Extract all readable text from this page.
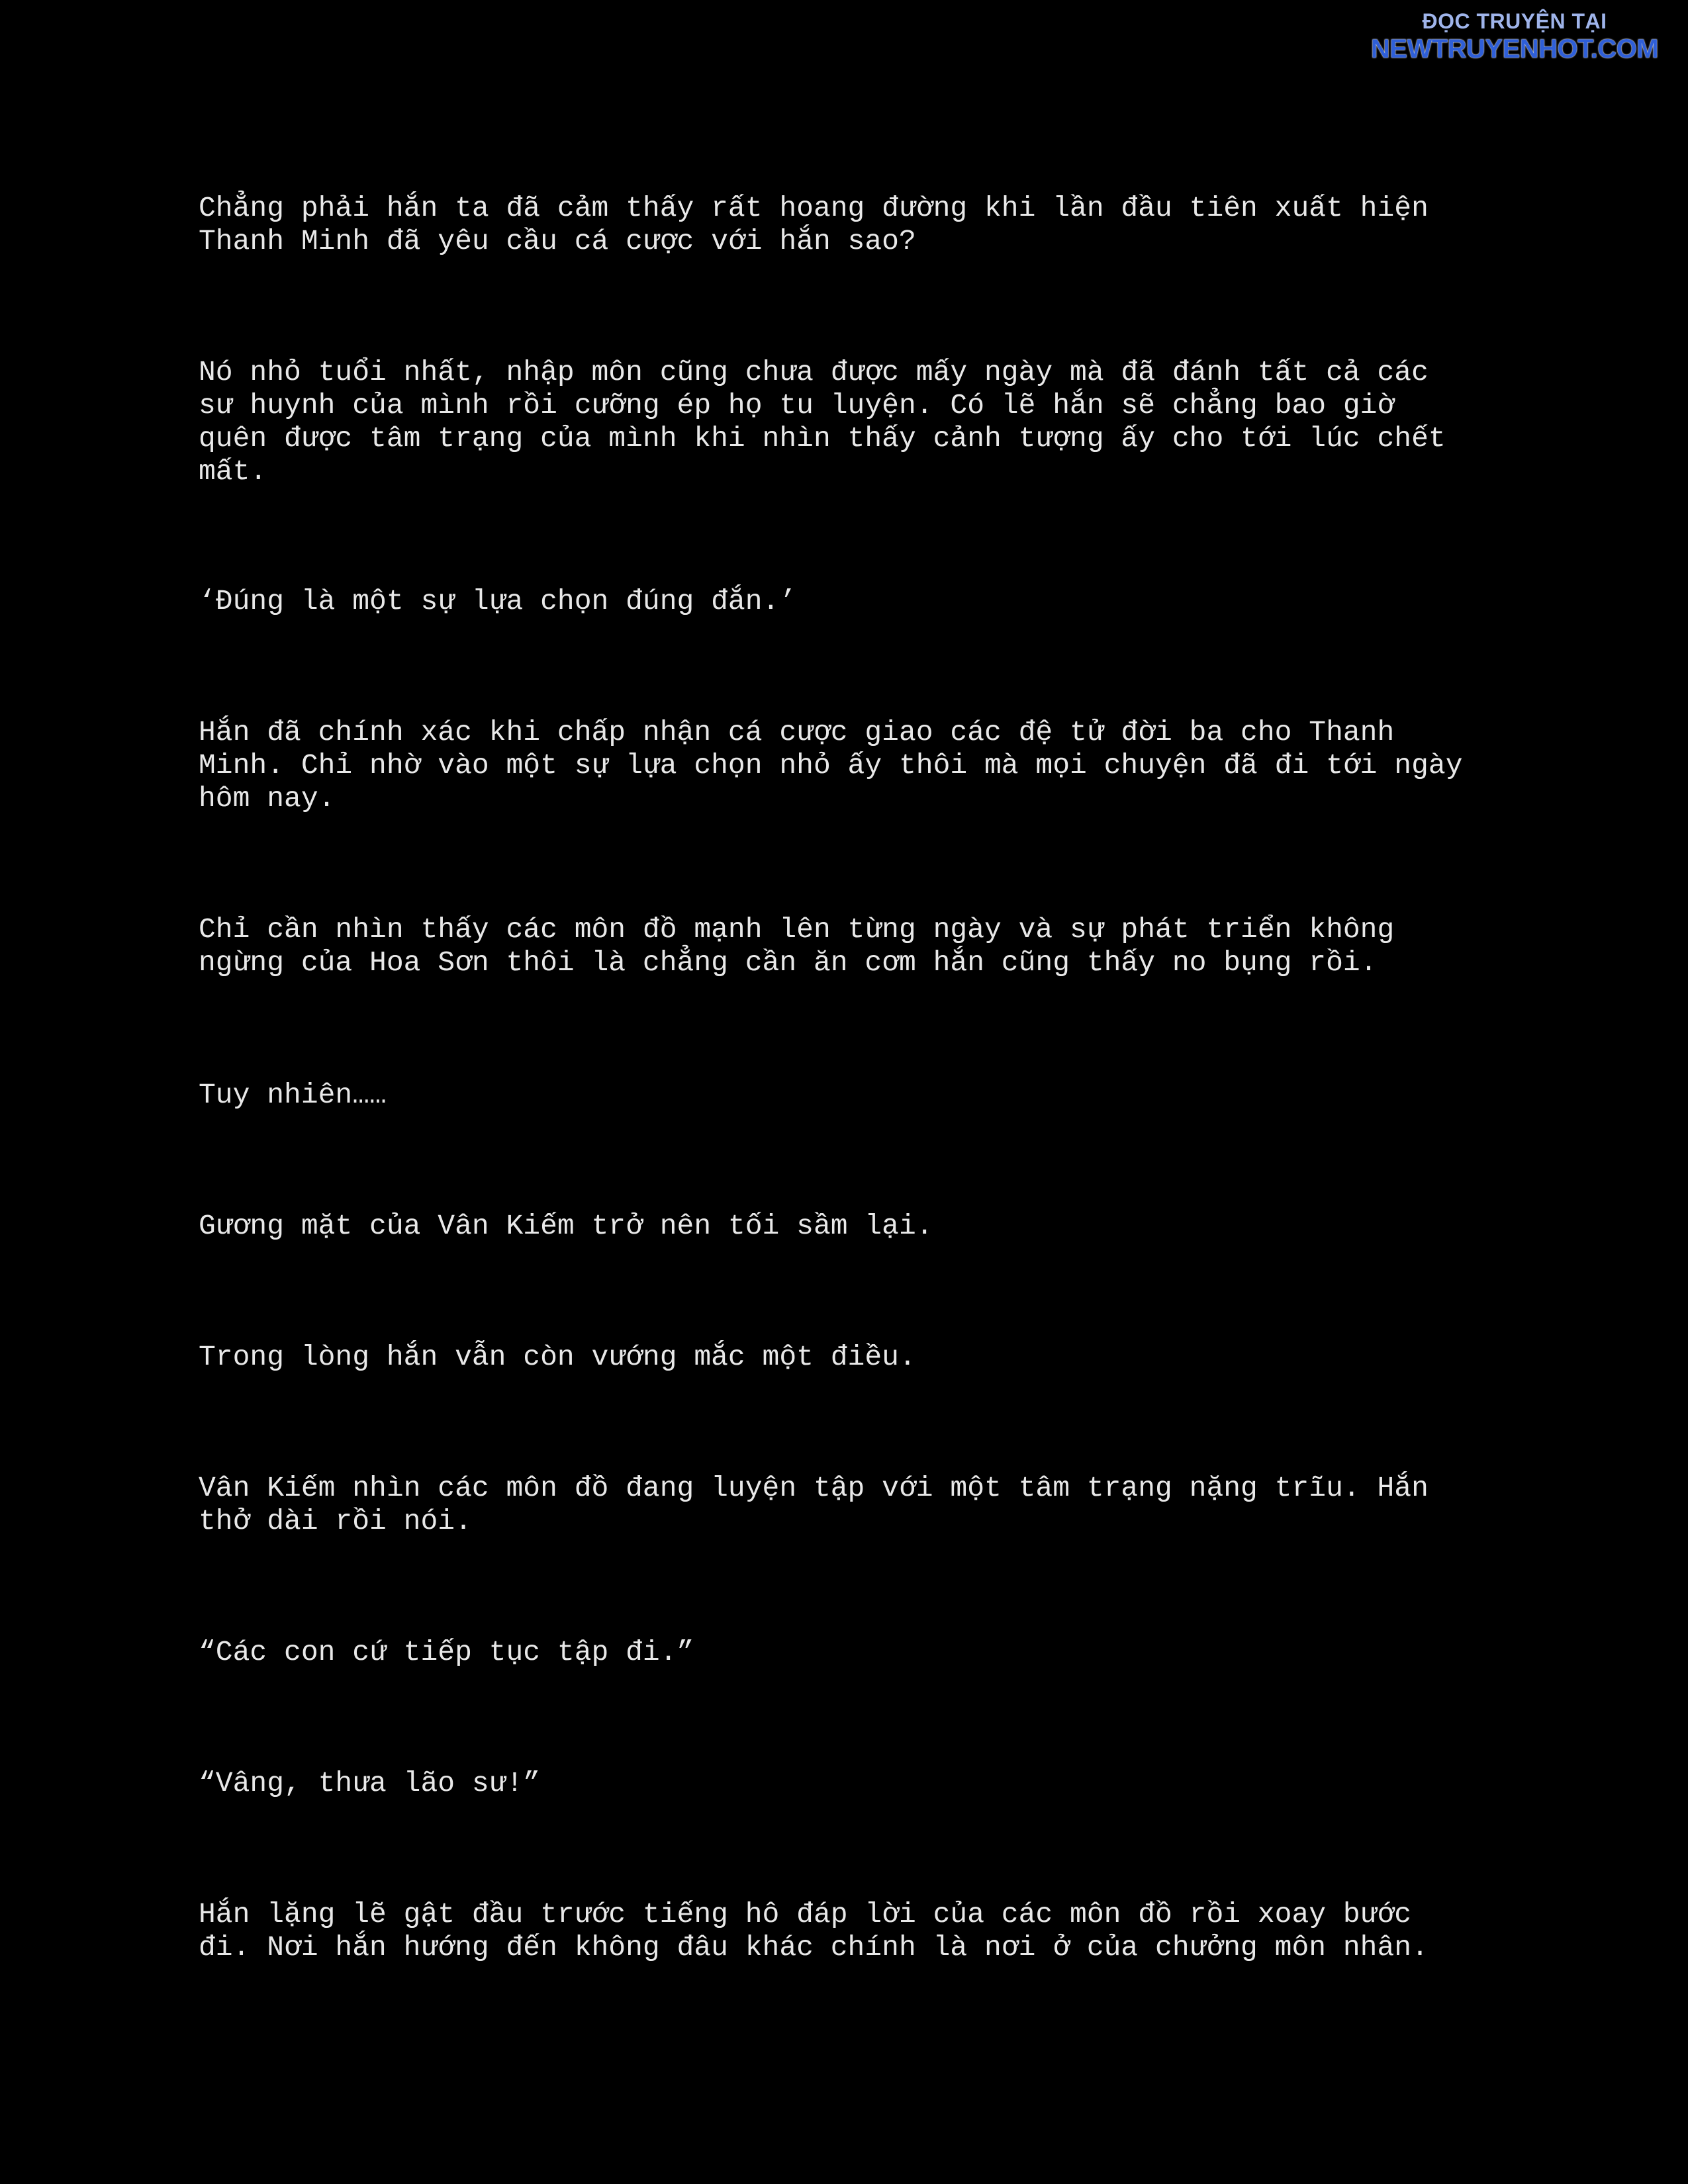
ĐỌC TRUYỆN TẠI
NEWTRUYENHOT.COM

Chẳng phải hắn ta đã cảm thấy rất hoang đường khi lần đầu tiên xuất hiện
Thanh Minh đã yêu cầu cá cược với hắn sao?

Nó nhỏ tuổi nhất, nhập môn cũng chưa được mấy ngày mà đã đánh tất cả các
sư huynh của mình rồi cưỡng ép họ tu luyện. Có lẽ hắn sẽ chẳng bao giờ
quên được tâm trạng của mình khi nhìn thấy cảnh tượng ấy cho tới lúc chết
mất.

‘Đúng là một sự lựa chọn đúng đắn.’

Hắn đã chính xác khi chấp nhận cá cược giao các đệ tử đời ba cho Thanh
Minh. Chỉ nhờ vào một sự lựa chọn nhỏ ấy thôi mà mọi chuyện đã đi tới ngày
hôm nay.

Chỉ cần nhìn thấy các môn đồ mạnh lên từng ngày và sự phát triển không
ngừng của Hoa Sơn thôi là chẳng cần ăn cơm hắn cũng thấy no bụng rồi.

Tuy nhiên……

Gương mặt của Vân Kiếm trở nên tối sầm lại.

Trong lòng hắn vẫn còn vướng mắc một điều.

Vân Kiếm nhìn các môn đồ đang luyện tập với một tâm trạng nặng trĩu. Hắn
thở dài rồi nói.

“Các con cứ tiếp tục tập đi.”

“Vâng, thưa lão sư!”

Hắn lặng lẽ gật đầu trước tiếng hô đáp lời của các môn đồ rồi xoay bước
đi. Nơi hắn hướng đến không đâu khác chính là nơi ở của chưởng môn nhân.
